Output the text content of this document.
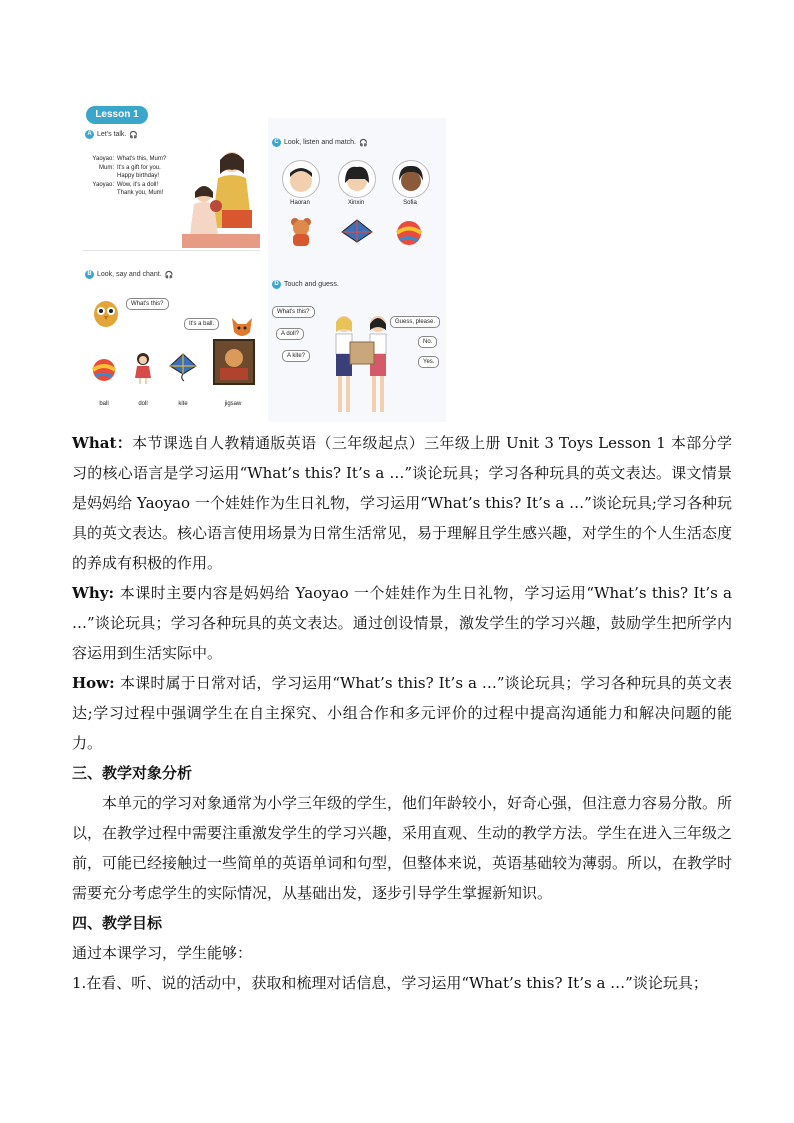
Lesson 1
A Let's talk. 🎧
Yaoyao: What's this, Mum?
Mum: It's a gift for you.
Happy birthday!
Yaoyao: Wow, it's a doll!
Thank you, Mum!
B Look, say and chant. 🎧
What's this?
It's a ball.
ball	doll	kite	jigsaw
C Look, listen and match. 🎧
Haoran	Xinxin	Sofia
D Touch and guess.
What's this?
A doll?
A kite?
Guess, please.
No.
Yes.

What：本节课选自人教精通版英语（三年级起点）三年级上册 Unit 3 Toys Lesson 1 本部分学习的核心语言是学习运用“What’s this? It’s a …”谈论玩具；学习各种玩具的英文表达。课文情景是妈妈给 Yaoyao 一个娃娃作为生日礼物，学习运用“What’s this? It’s a …”谈论玩具;学习各种玩具的英文表达。核心语言使用场景为日常生活常见，易于理解且学生感兴趣，对学生的个人生活态度的养成有积极的作用。

Why: 本课时主要内容是妈妈给 Yaoyao 一个娃娃作为生日礼物，学习运用“What’s this? It’s a …”谈论玩具；学习各种玩具的英文表达。通过创设情景，激发学生的学习兴趣，鼓励学生把所学内容运用到生活实际中。

How: 本课时属于日常对话，学习运用“What’s this? It’s a …”谈论玩具；学习各种玩具的英文表达;学习过程中强调学生在自主探究、小组合作和多元评价的过程中提高沟通能力和解决问题的能力。

三、教学对象分析

本单元的学习对象通常为小学三年级的学生，他们年龄较小，好奇心强，但注意力容易分散。所以，在教学过程中需要注重激发学生的学习兴趣，采用直观、生动的教学方法。学生在进入三年级之前，可能已经接触过一些简单的英语单词和句型，但整体来说，英语基础较为薄弱。所以，在教学时需要充分考虑学生的实际情况，从基础出发，逐步引导学生掌握新知识。

四、教学目标

通过本课学习，学生能够：

1.在看、听、说的活动中，获取和梳理对话信息，学习运用“What’s this? It’s a …”谈论玩具；
